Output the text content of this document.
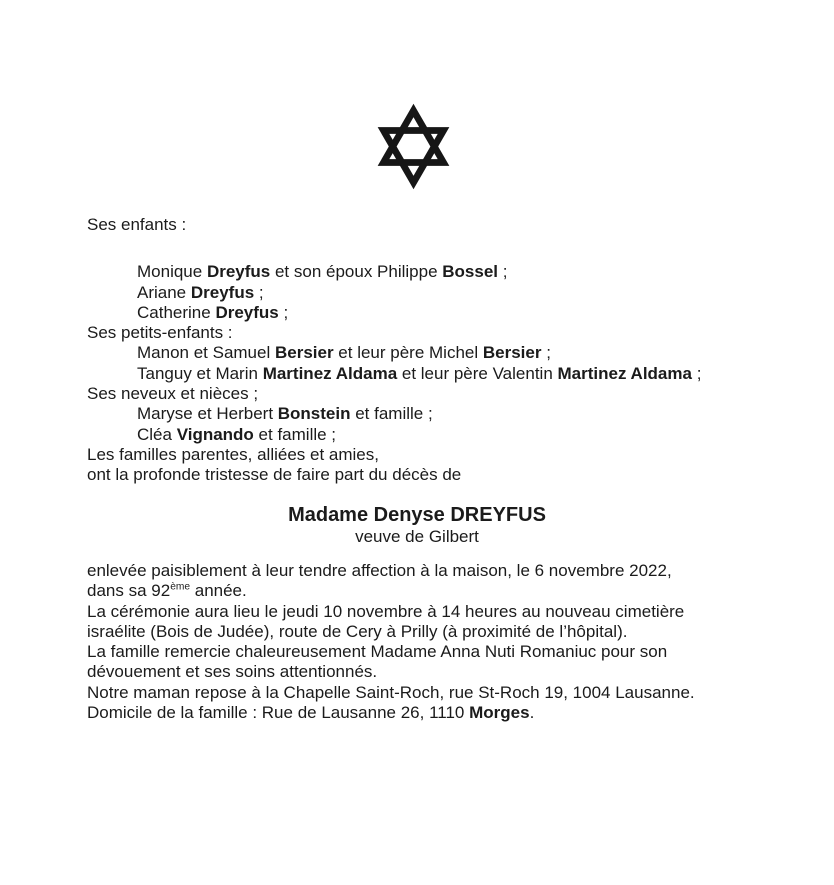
Ses enfants :
Monique Dreyfus et son époux Philippe Bossel ;
Ariane Dreyfus ;
Catherine Dreyfus ;
Ses petits-enfants :
Manon et Samuel Bersier et leur père Michel Bersier ;
Tanguy et Marin Martinez Aldama et leur père Valentin Martinez Aldama ;
Ses neveux et nièces ;
Maryse et Herbert Bonstein et famille ;
Cléa Vignando et famille ;
Les familles parentes, alliées et amies,
ont la profonde tristesse de faire part du décès de
Madame Denyse DREYFUS
veuve de Gilbert
enlevée paisiblement à leur tendre affection à la maison, le 6 novembre 2022,
dans sa 92ème année.
La cérémonie aura lieu le jeudi 10 novembre à 14 heures au nouveau cimetière
israélite (Bois de Judée), route de Cery à Prilly (à proximité de l’hôpital).
La famille remercie chaleureusement Madame Anna Nuti Romaniuc pour son
dévouement et ses soins attentionnés.
Notre maman repose à la Chapelle Saint-Roch, rue St-Roch 19, 1004 Lausanne.
Domicile de la famille : Rue de Lausanne 26, 1110 Morges.
